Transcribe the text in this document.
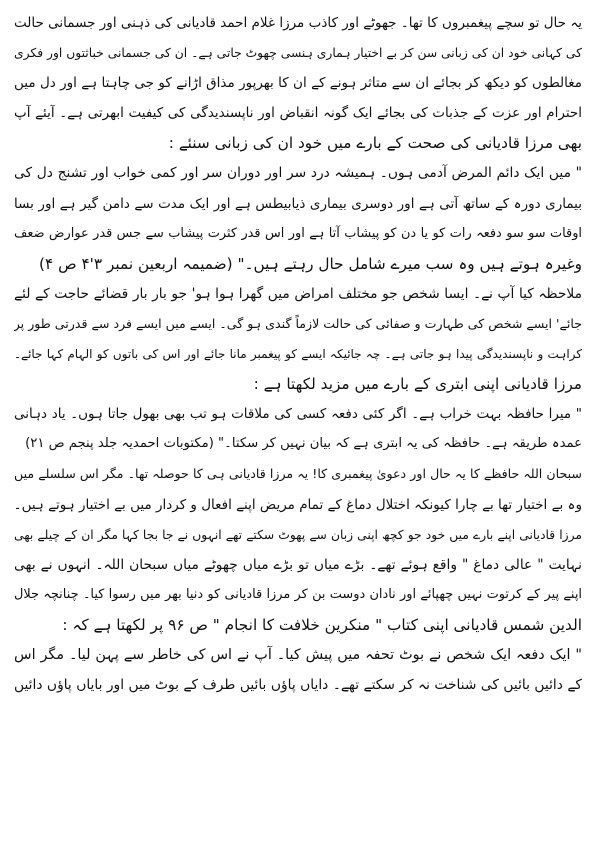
یہ حال تو سچے پیغمبروں کا تھا۔ جھوٹے اور کاذب مرزا غلام احمد قادیانی کی ذہنی اور جسمانی حالت
کی کہانی خود ان کی زبانی سن کر بے اختیار ہماری ہنسی چھوٹ جاتی ہے۔ ان کی جسمانی خباثتوں اور فکری
مغالطوں کو دیکھ کر بجائے ان سے متاثر ہونے کے ان کا بھرپور مذاق اڑانے کو جی چاہتا ہے اور دل میں
احترام اور عزت کے جذبات کی بجائے ایک گونہ انقباض اور ناپسندیدگی کی کیفیت ابھرتی ہے۔ آیئے آپ
بھی مرزا قادیانی کی صحت کے بارے میں خود ان کی زبانی سنئے :
" میں ایک دائم المرض آدمی ہوں۔ ہمیشہ درد سر اور دوران سر اور کمی خواب اور تشنج دل کی
بیماری دورہ کے ساتھ آتی ہے اور دوسری بیماری ذیابیطس ہے اور ایک مدت سے دامن گیر ہے اور بسا
اوقات سو سو دفعہ رات کو یا دن کو پیشاب آتا ہے اور اس قدر کثرت پیشاب سے جس قدر عوارض ضعف
وغیرہ ہوتے ہیں وہ سب میرے شامل حال رہتے ہیں۔" (ضمیمہ اربعین نمبر ۳'۴ ص ۴)
ملاحظہ کیا آپ نے۔ ایسا شخص جو مختلف امراض میں گھرا ہوا ہو' جو بار بار قضائے حاجت کے لئے
جائے' ایسے شخص کی طہارت و صفائی کی حالت لازماً گندی ہو گی۔ ایسے میں ایسے فرد سے قدرتی طور پر
کراہت و ناپسندیدگی پیدا ہو جاتی ہے۔ چہ جائیکہ ایسے کو پیغمبر مانا جائے اور اس کی باتوں کو الہام کہا جائے۔
مرزا قادیانی اپنی ابتری کے بارے میں مزید لکھتا ہے :
" میرا حافظہ بہت خراب ہے۔ اگر کئی دفعہ کسی کی ملاقات ہو تب بھی بھول جاتا ہوں۔ یاد دہانی
عمدہ طریقہ ہے۔ حافظہ کی یہ ابتری ہے کہ بیان نہیں کر سکتا۔" (مکتوبات احمدیہ جلد پنجم ص ۲۱)
سبحان اللہ حافظے کا یہ حال اور دعویٰ پیغمبری کا! یہ مرزا قادیانی ہی کا حوصلہ تھا۔ مگر اس سلسلے میں
وہ بے اختیار تھا بے چارا کیونکہ اختلال دماغ کے تمام مریض اپنے افعال و کردار میں بے اختیار ہوتے ہیں۔
مرزا قادیانی اپنے بارے میں خود جو کچھ اپنی زبان سے پھوٹ سکتے تھے انہوں نے جا بجا کہا مگر ان کے چیلے بھی
نہایت " عالی دماغ " واقع ہوئے تھے۔ بڑے میاں تو بڑے میاں چھوٹے میاں سبحان اللہ۔ انہوں نے بھی
اپنے پیر کے کرتوت نہیں چھپائے اور نادان دوست بن کر مرزا قادیانی کو دنیا بھر میں رسوا کیا۔ چنانچہ جلال
الدین شمس قادیانی اپنی کتاب " منکرین خلافت کا انجام " ص ۹۶ پر لکھتا ہے کہ :
" ایک دفعہ ایک شخص نے بوٹ تحفہ میں پیش کیا۔ آپ نے اس کی خاطر سے پہن لیا۔ مگر اس
کے دائیں بائیں کی شناخت نہ کر سکتے تھے۔ دایاں پاؤں بائیں طرف کے بوٹ میں اور بایاں پاؤں دائیں
